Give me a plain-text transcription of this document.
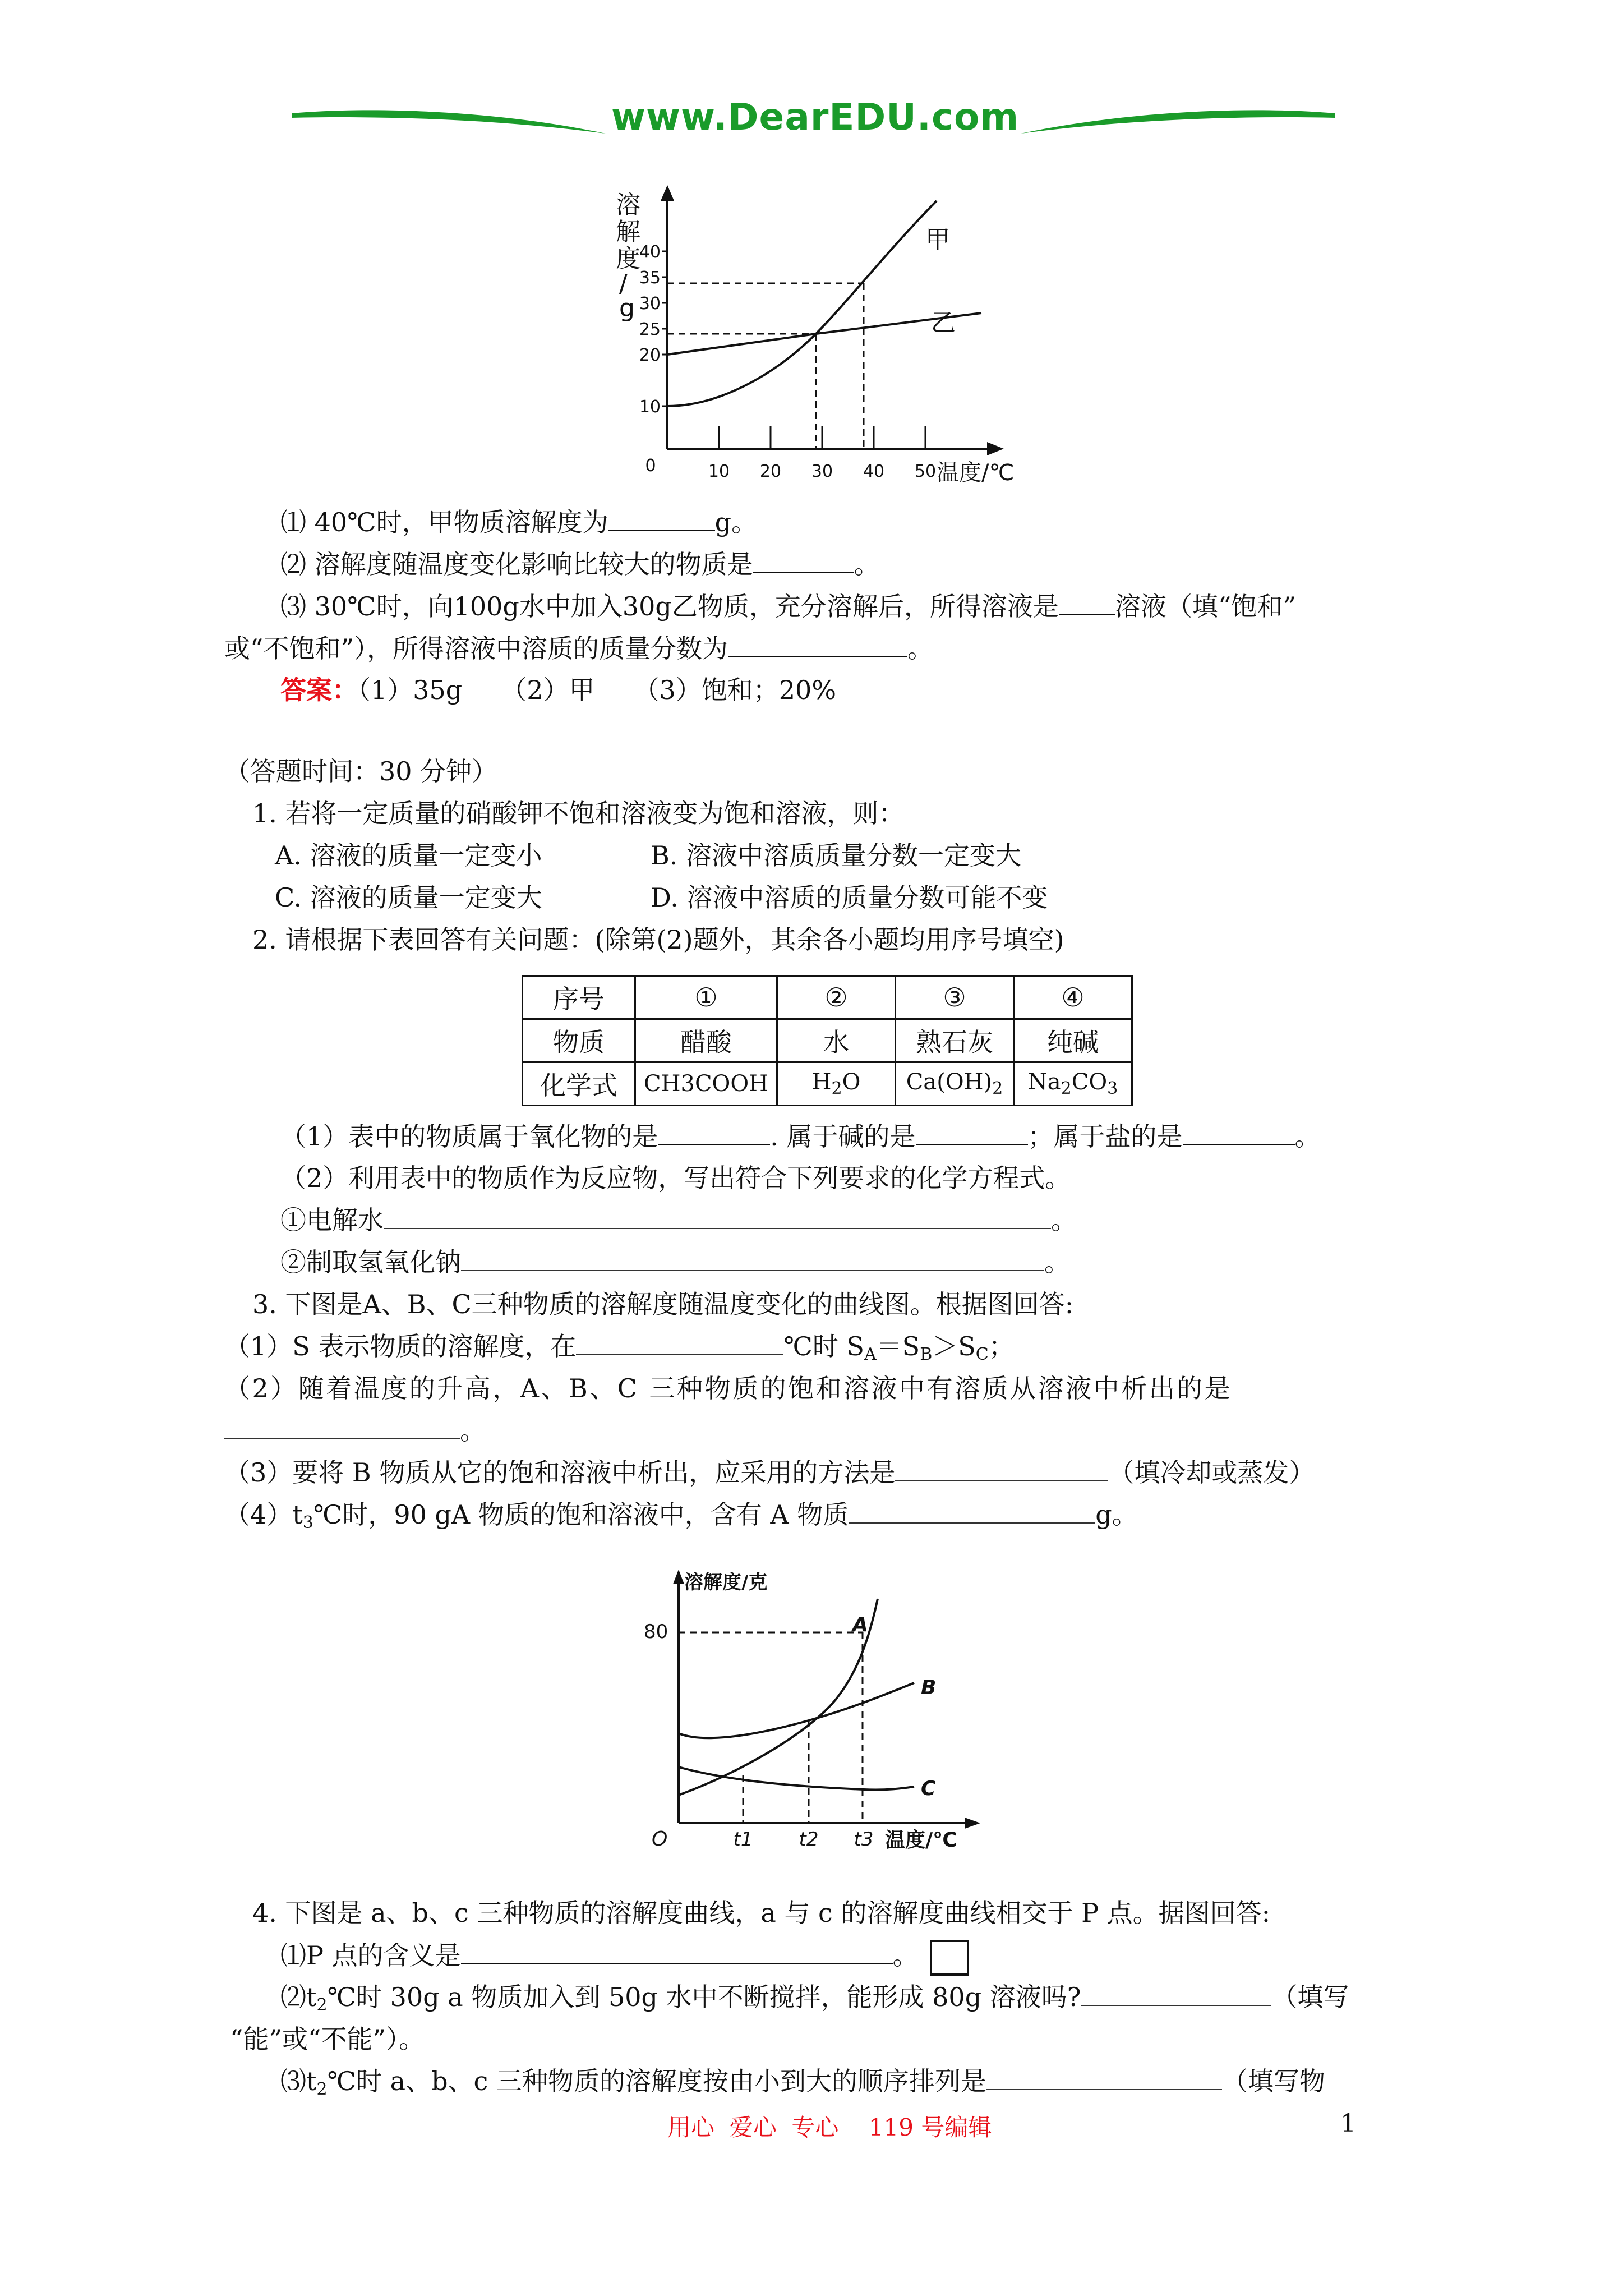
www.DearEDU.com
溶
解
度
/
g
10
20
25
30
35
40
0	10 20 30 40 50 温度/℃
甲
乙
⑴ 40℃时，甲物质溶解度为	g。
⑵ 溶解度随温度变化影响比较大的物质是	。
⑶ 30℃时，向100g水中加入30g乙物质，充分溶解后，所得溶液是 溶液（填“饱和”
或“不饱和”），所得溶液中溶质的质量分数为	。
答案：（1）35g　　（2）甲　　（3）饱和；20%
（答题时间：30 分钟）
1. 若将一定质量的硝酸钾不饱和溶液变为饱和溶液，则：
A. 溶液的质量一定变小	B. 溶液中溶质质量分数一定变大
C. 溶液的质量一定变大	D. 溶液中溶质的质量分数可能不变
2. 请根据下表回答有关问题：(除第(2)题外，其余各小题均用序号填空)
序号	①	②	③	④
物质	醋酸	水	熟石灰	纯碱
化学式	CH3COOH	$H_2O$	$Ca(OH)_2$	$Na_2CO_3$
（1）表中的物质属于氧化物的是	. 属于碱的是	；属于盐的是	。
（2）利用表中的物质作为反应物，写出符合下列要求的化学方程式。
①电解水	。
②制取氢氧化钠	。
3. 下图是A、B、C三种物质的溶解度随温度变化的曲线图。根据图回答:
（1）S 表示物质的溶解度，在	℃时 $S_A=S_B>S_C$；
（2）随着温度的升高，A、B、C 三种物质的饱和溶液中有溶质从溶液中析出的是
。
（3）要将 B 物质从它的饱和溶液中析出，应采用的方法是	（填冷却或蒸发）
$(4)t_3℃$时，90 gA 物质的饱和溶液中，含有 A 物质	g。
溶解度/克
80
O	t1 t2 t3 温度/℃
A
B
C
4. 下图是 a、b、c 三种物质的溶解度曲线，a 与 c 的溶解度曲线相交于 P 点。据图回答:
⑴P 点的含义是	。
$⑵t_2℃$时 30g a 物质加入到 50g 水中不断搅拌，能形成 80g 溶液吗?	（填写
“能”或“不能”）。
$⑶t_2℃$时 a、b、c 三种物质的溶解度按由小到大的顺序排列是	（填写物
用心  爱心  专心    119 号编辑	1
